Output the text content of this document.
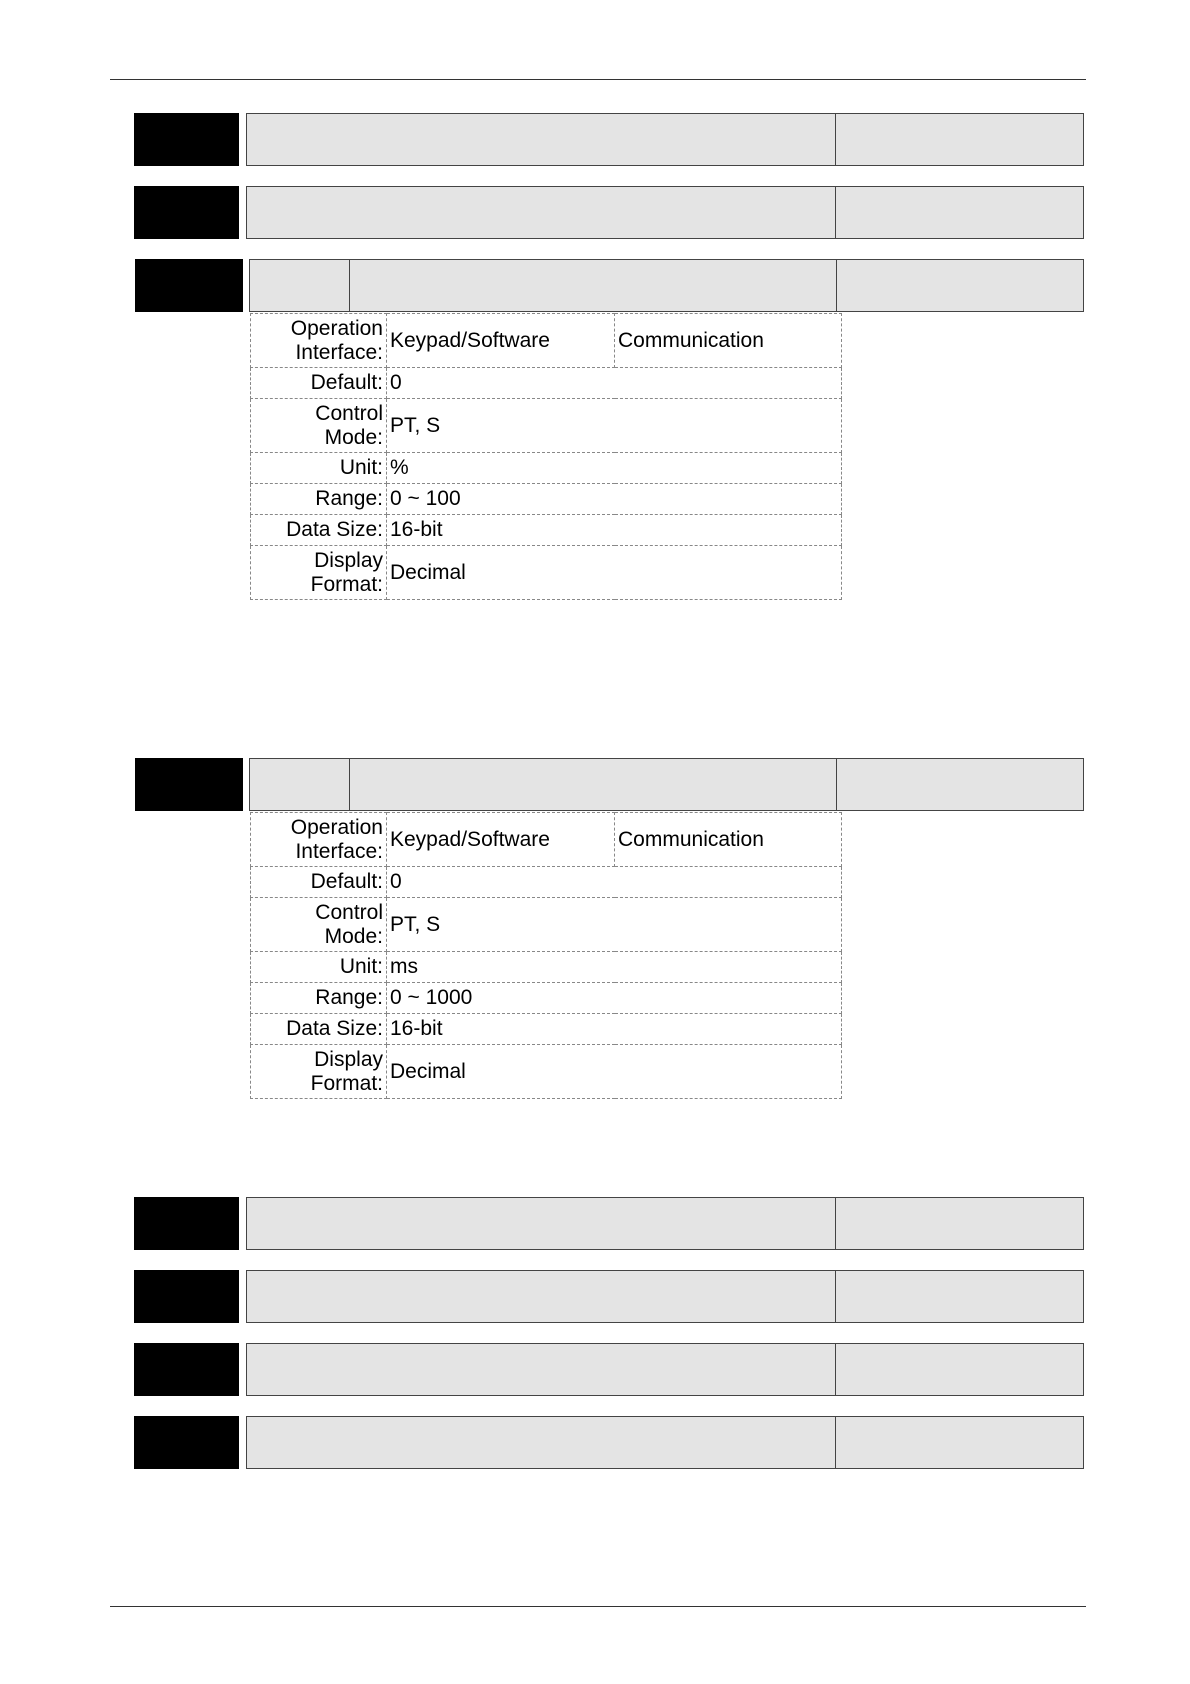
Operation Interface:	Keypad/Software	Communication
Default:	0	
Control Mode:	PT, S	
Unit:	%	
Range:	0 ~ 100	
Data Size:	16-bit	
Display Format:	Decimal	
Operation Interface:	Keypad/Software	Communication
Default:	0	
Control Mode:	PT, S	
Unit:	ms	
Range:	0 ~ 1000	
Data Size:	16-bit	
Display Format:	Decimal	
